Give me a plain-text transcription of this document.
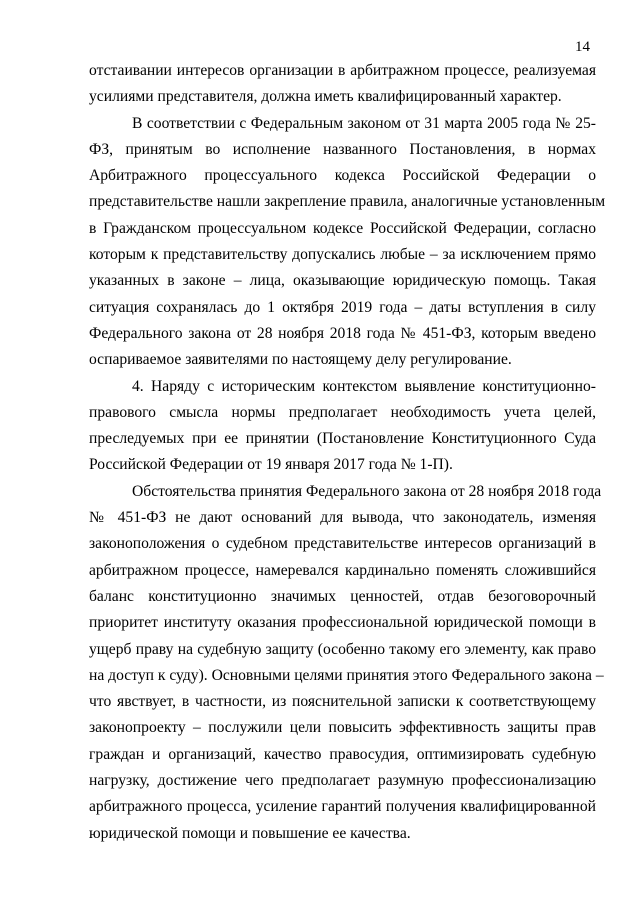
14
отстаивании интересов организации в арбитражном процессе, реализуемая
усилиями представителя, должна иметь квалифицированный характер.
В соответствии с Федеральным законом от 31 марта 2005 года № 25-
ФЗ, принятым во исполнение названного Постановления, в нормах
Арбитражного процессуального кодекса Российской Федерации о
представительстве нашли закрепление правила, аналогичные установленным
в Гражданском процессуальном кодексе Российской Федерации, согласно
которым к представительству допускались любые – за исключением прямо
указанных в законе – лица, оказывающие юридическую помощь. Такая
ситуация сохранялась до 1 октября 2019 года – даты вступления в силу
Федерального закона от 28 ноября 2018 года № 451-ФЗ, которым введено
оспариваемое заявителями по настоящему делу регулирование.
4. Наряду с историческим контекстом выявление конституционно-
правового смысла нормы предполагает необходимость учета целей,
преследуемых при ее принятии (Постановление Конституционного Суда
Российской Федерации от 19 января 2017 года № 1-П).
Обстоятельства принятия Федерального закона от 28 ноября 2018 года
№ 451-ФЗ не дают оснований для вывода, что законодатель, изменяя
законоположения о судебном представительстве интересов организаций в
арбитражном процессе, намеревался кардинально поменять сложившийся
баланс конституционно значимых ценностей, отдав безоговорочный
приоритет институту оказания профессиональной юридической помощи в
ущерб праву на судебную защиту (особенно такому его элементу, как право
на доступ к суду). Основными целями принятия этого Федерального закона –
что явствует, в частности, из пояснительной записки к соответствующему
законопроекту – послужили цели повысить эффективность защиты прав
граждан и организаций, качество правосудия, оптимизировать судебную
нагрузку, достижение чего предполагает разумную профессионализацию
арбитражного процесса, усиление гарантий получения квалифицированной
юридической помощи и повышение ее качества.
